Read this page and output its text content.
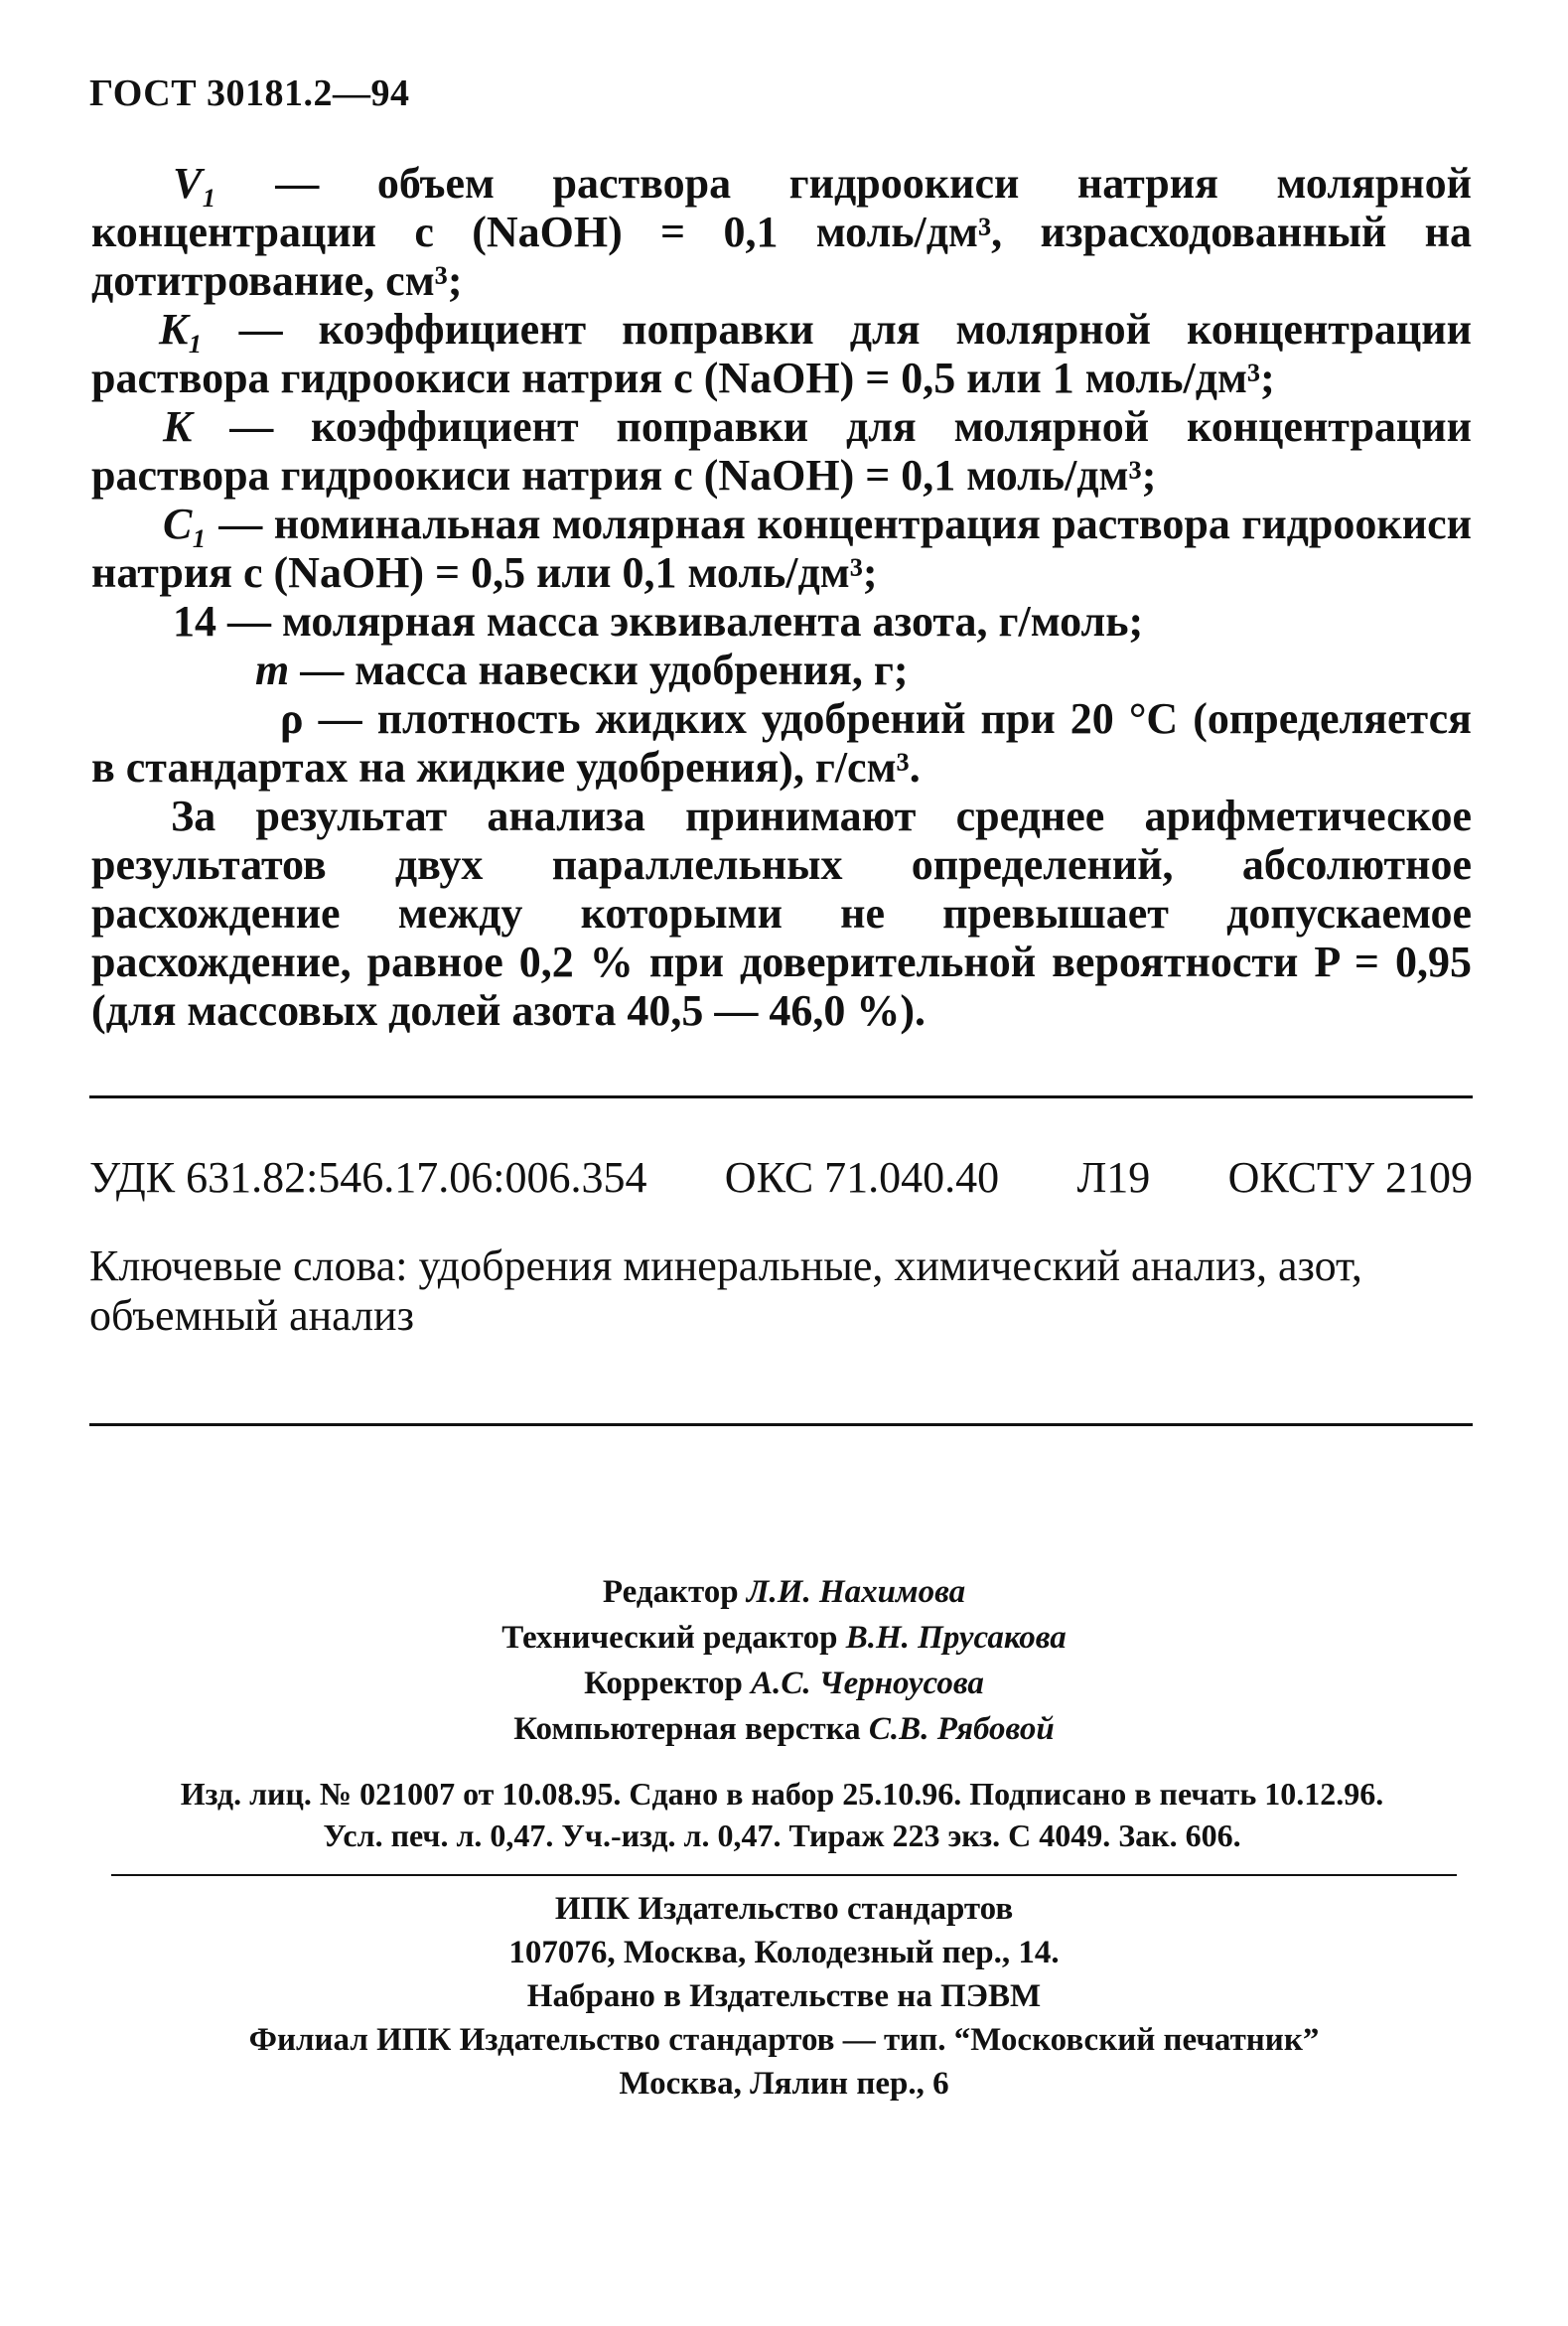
ГОСТ 30181.2—94

V₁ — объем раствора гидроокиси натрия молярной концентрации с (NaOH) = 0,1 моль/дм³, израсходованный на дотитрование, см³;

K₁ — коэффициент поправки для молярной концентрации раствора гидроокиси натрия с (NaOH) = 0,5 или 1 моль/дм³;

K — коэффициент поправки для молярной концентрации раствора гидроокиси натрия с (NaOH) = 0,1 моль/дм³;

C₁ — номинальная молярная концентрация раствора гидроокиси натрия с (NaOH) = 0,5 или 0,1 моль/дм³;

14 — молярная масса эквивалента азота, г/моль;

m — масса навески удобрения, г;

ρ — плотность жидких удобрений при 20 °С (определяется в стандартах на жидкие удобрения), г/см³.

За результат анализа принимают среднее арифметическое результатов двух параллельных определений, абсолютное расхождение между которыми не превышает допускаемое расхождение, равное 0,2 % при доверительной вероятности P = 0,95 (для массовых долей азота 40,5 — 46,0 %).

УДК 631.82:546.17.06:006.354 ОКС 71.040.40 Л19 ОКСТУ 2109
Ключевые слова: удобрения минеральные, химический анализ, азот, объемный анализ
Редактор Л.И. Нахимова
Технический редактор В.Н. Прусакова
Корректор А.С. Черноусова
Компьютерная верстка С.В. Рябовой
Изд. лиц. № 021007 от 10.08.95. Сдано в набор 25.10.96. Подписано в печать 10.12.96.
Усл. печ. л. 0,47. Уч.-изд. л. 0,47. Тираж 223 экз. С 4049. Зак. 606.
ИПК Издательство стандартов
107076, Москва, Колодезный пер., 14.
Набрано в Издательстве на ПЭВМ
Филиал ИПК Издательство стандартов — тип. “Московский печатник”
Москва, Лялин пер., 6
